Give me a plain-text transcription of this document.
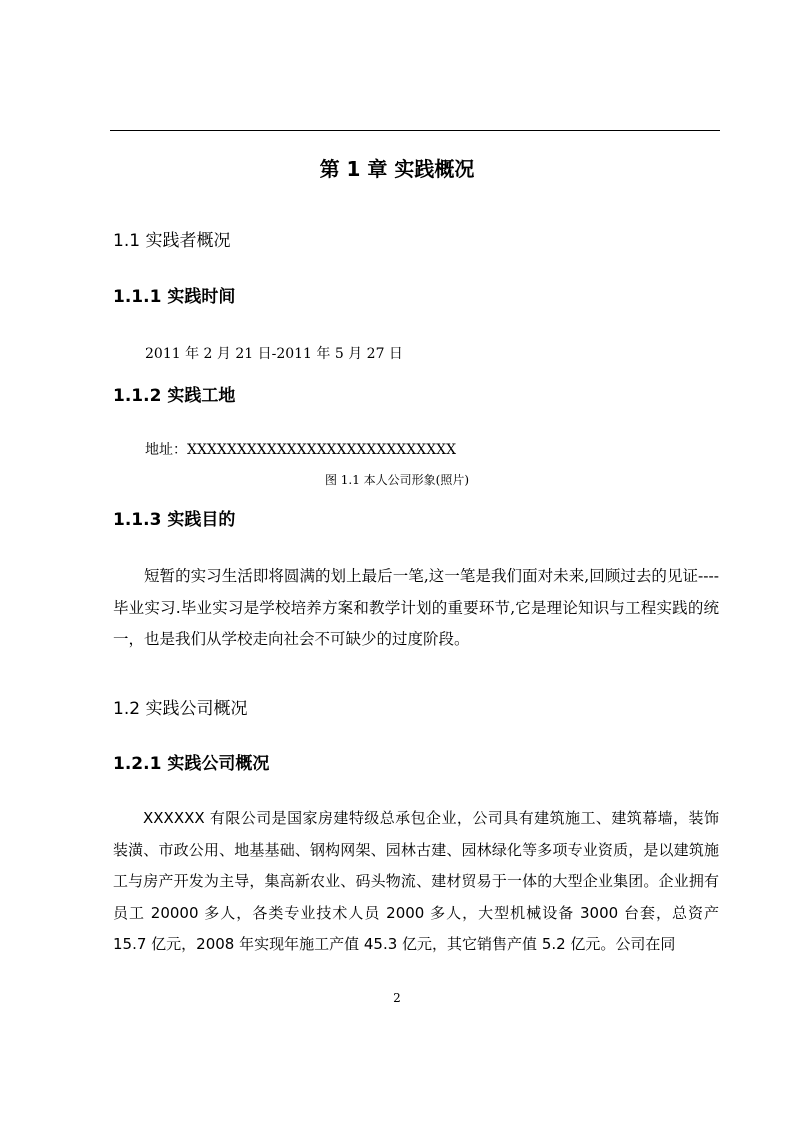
第 1 章 实践概况
1.1 实践者概况
1.1.1 实践时间
2011 年 2 月 21 日-2011 年 5 月 27 日
1.1.2 实践工地
地址：XXXXXXXXXXXXXXXXXXXXXXXXXXX
图 1.1 本人公司形象(照片)
1.1.3 实践目的
短暂的实习生活即将圆满的划上最后一笔,这一笔是我们面对未来,回顾过去的见证----毕业实习.毕业实习是学校培养方案和教学计划的重要环节,它是理论知识与工程实践的统一，也是我们从学校走向社会不可缺少的过度阶段。
1.2 实践公司概况
1.2.1 实践公司概况
XXXXXX 有限公司是国家房建特级总承包企业，公司具有建筑施工、建筑幕墙，装饰装潢、市政公用、地基基础、钢构网架、园林古建、园林绿化等多项专业资质，是以建筑施工与房产开发为主导，集高新农业、码头物流、建材贸易于一体的大型企业集团。企业拥有员工 20000 多人，各类专业技术人员 2000 多人，大型机械设备 3000 台套，总资产 15.7 亿元，2008 年实现年施工产值 45.3 亿元，其它销售产值 5.2 亿元。公司在同
2
